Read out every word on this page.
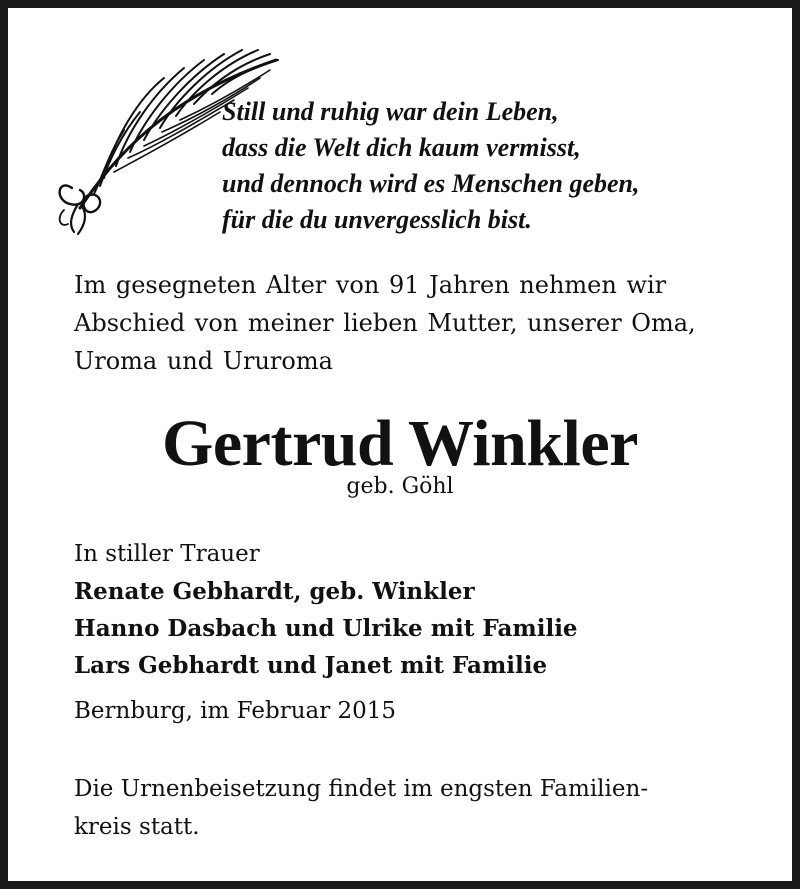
Still und ruhig war dein Leben,
dass die Welt dich kaum vermisst,
und dennoch wird es Menschen geben,
für die du unvergesslich bist.
Im gesegneten Alter von 91 Jahren nehmen wir
Abschied von meiner lieben Mutter, unserer Oma,
Uroma und Ururoma
Gertrud Winkler
geb. Göhl
In stiller Trauer
Renate Gebhardt, geb. Winkler
Hanno Dasbach und Ulrike mit Familie
Lars Gebhardt und Janet mit Familie
Bernburg, im Februar 2015
Die Urnenbeisetzung findet im engsten Familien-
kreis statt.
